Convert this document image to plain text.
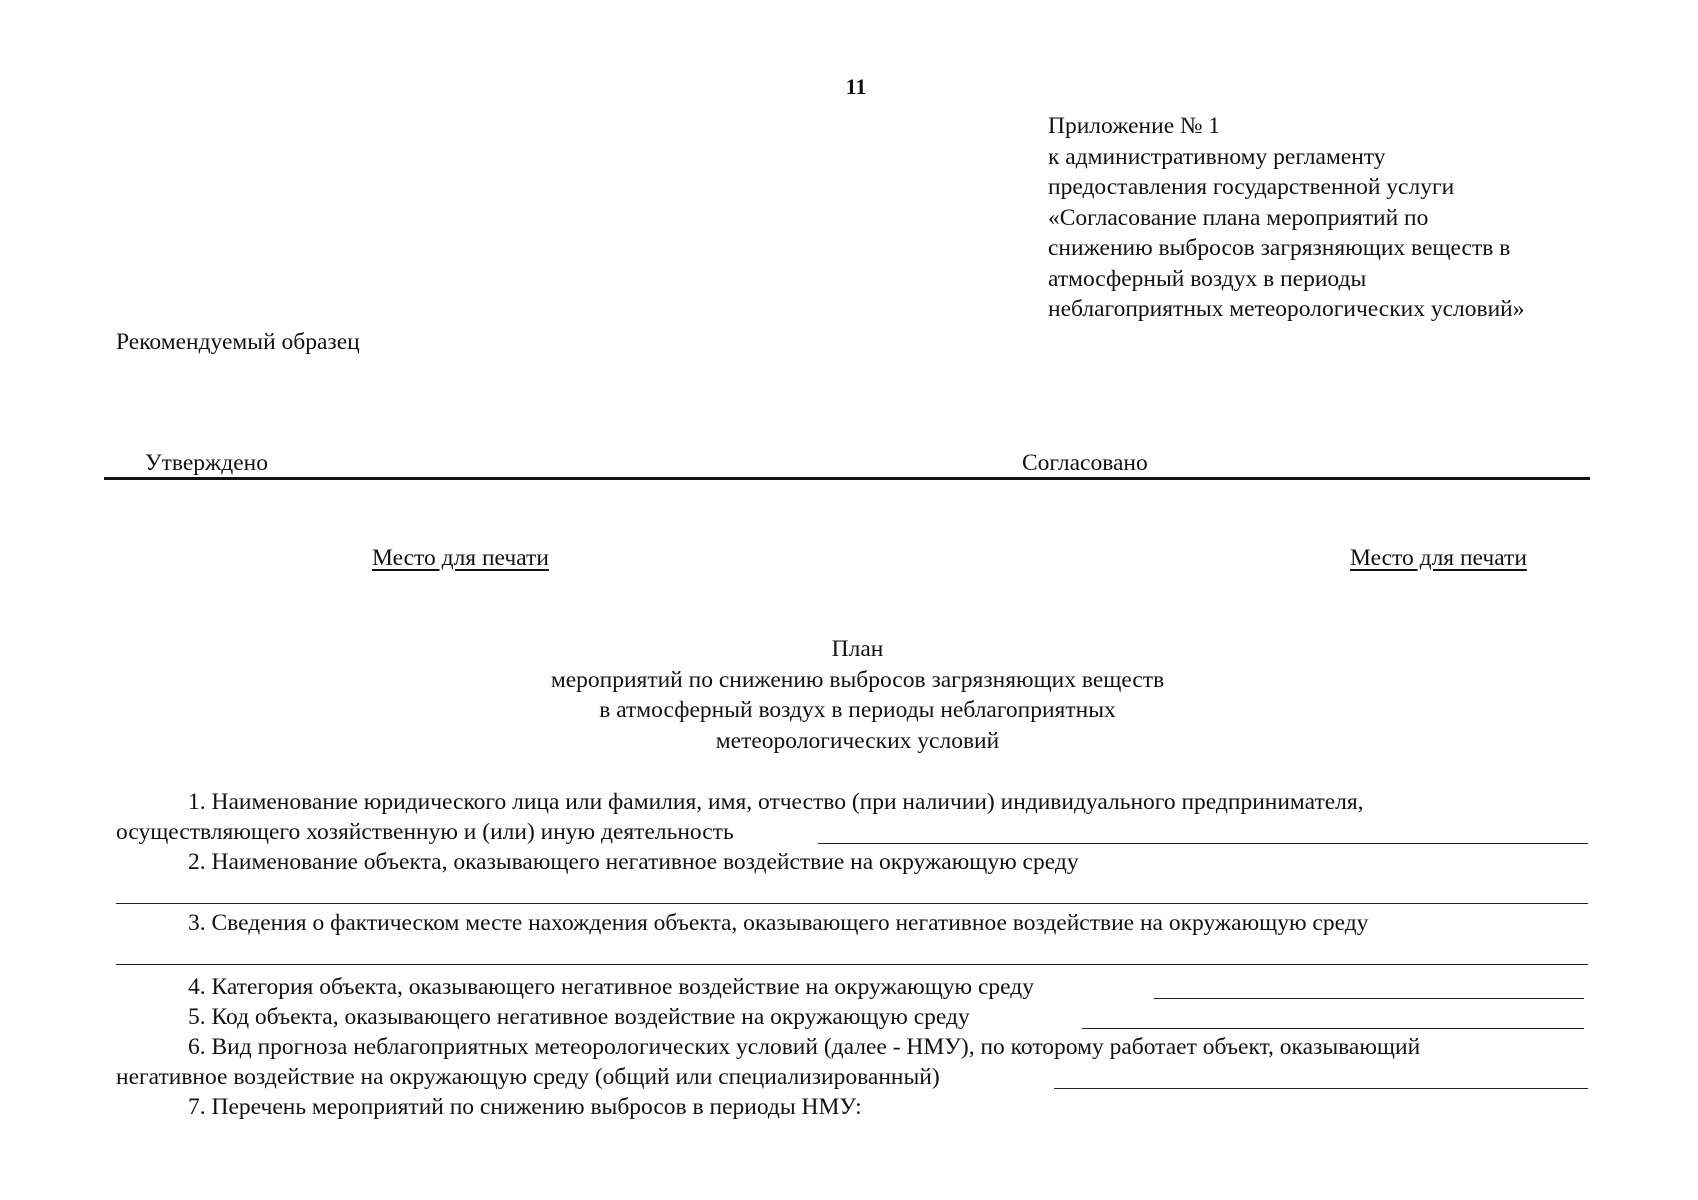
11
Приложение № 1
к административному регламенту
предоставления государственной услуги
«Согласование плана мероприятий по
снижению выбросов загрязняющих веществ в
атмосферный воздух в периоды
неблагоприятных метеорологических условий»
Рекомендуемый образец
Утверждено	Согласовано
Место для печати	Место для печати
План
мероприятий по снижению выбросов загрязняющих веществ
в атмосферный воздух в периоды неблагоприятных
метеорологических условий
1. Наименование юридического лица или фамилия, имя, отчество (при наличии) индивидуального предпринимателя,
осуществляющего хозяйственную и (или) иную деятельность
2. Наименование объекта, оказывающего негативное воздействие на окружающую среду
3. Сведения о фактическом месте нахождения объекта, оказывающего негативное воздействие на окружающую среду
4. Категория объекта, оказывающего негативное воздействие на окружающую среду
5. Код объекта, оказывающего негативное воздействие на окружающую среду
6. Вид прогноза неблагоприятных метеорологических условий (далее - НМУ), по которому работает объект, оказывающий
негативное воздействие на окружающую среду (общий или специализированный)
7. Перечень мероприятий по снижению выбросов в периоды НМУ:
